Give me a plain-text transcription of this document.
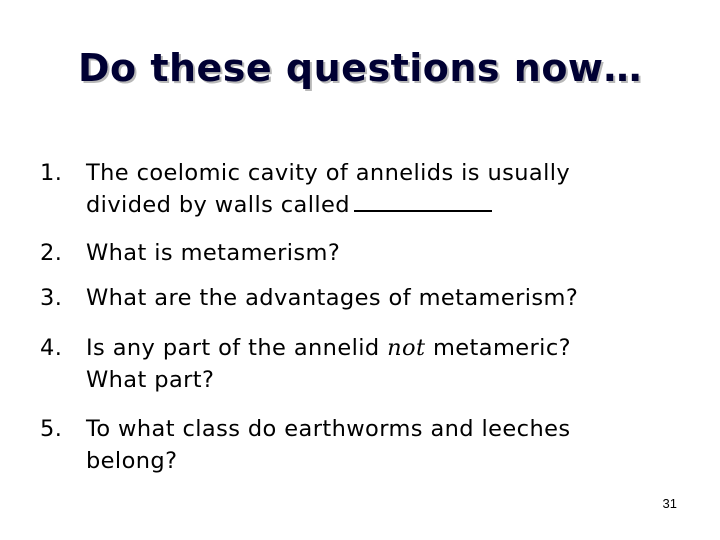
Do these questions now…
1.	The coelomic cavity of annelids is usually
divided by walls called
2.	What is metamerism?
3.	What are the advantages of metamerism?
4.	Is any part of the annelid not metameric?
What part?
5.	To what class do earthworms and leeches
belong?
31
